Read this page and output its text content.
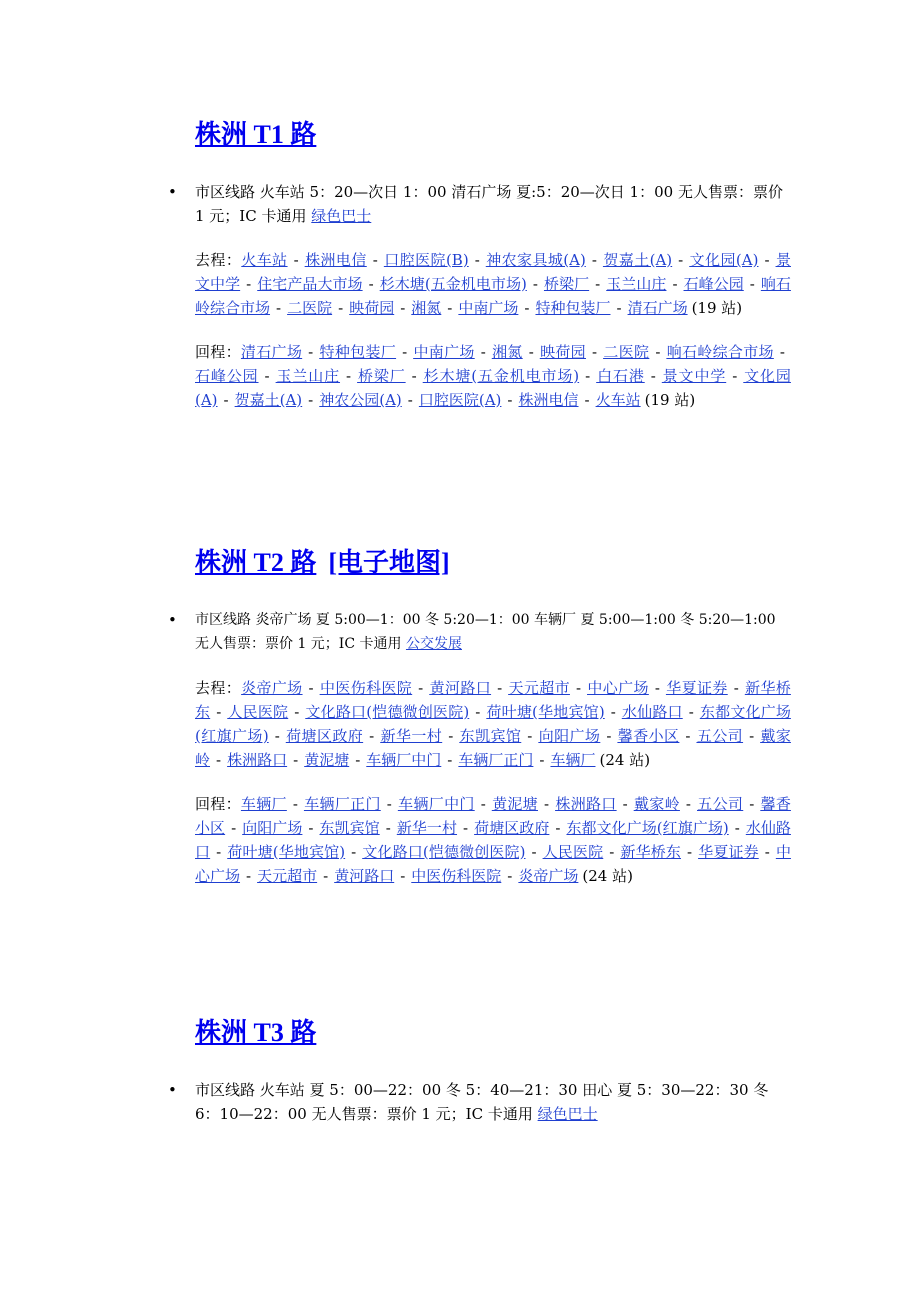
株洲 T1 路
• 市区线路 火车站 5：20—次日 1：00 清石广场 夏:5：20—次日 1：00 无人售票：票价 1 元；IC 卡通用 绿色巴士
去程：火车站 - 株洲电信 - 口腔医院(B) - 神农家具城(A) - 贺嘉土(A) - 文化园(A) - 景文中学 - 住宅产品大市场 - 杉木塘(五金机电市场) - 桥梁厂 - 玉兰山庄 - 石峰公园 - 响石岭综合市场 - 二医院 - 映荷园 - 湘氮 - 中南广场 - 特种包装厂 - 清石广场 (19 站)
回程：清石广场 - 特种包装厂 - 中南广场 - 湘氮 - 映荷园 - 二医院 - 响石岭综合市场 -石峰公园 - 玉兰山庄 - 桥梁厂 - 杉木塘(五金机电市场) - 白石港 - 景文中学 - 文化园(A) - 贺嘉土(A) - 神农公园(A) - 口腔医院(A) - 株洲电信 - 火车站 (19 站)
株洲 T2 路 [电子地图]
• 市区线路 炎帝广场 夏 5:00—1：00 冬 5:20—1：00 车辆厂 夏 5:00—1:00 冬 5:20—1:00 无人售票：票价 1 元；IC 卡通用 公交发展
去程：炎帝广场 - 中医伤科医院 - 黄河路口 - 天元超市 - 中心广场 - 华夏证券 - 新华桥东 - 人民医院 - 文化路口(恺德微创医院) - 荷叶塘(华地宾馆) - 水仙路口 - 东都文化广场(红旗广场) - 荷塘区政府 - 新华一村 - 东凯宾馆 - 向阳广场 - 馨香小区 - 五公司 - 戴家岭 - 株洲路口 - 黄泥塘 - 车辆厂中门 - 车辆厂正门 - 车辆厂 (24 站)
回程：车辆厂 - 车辆厂正门 - 车辆厂中门 - 黄泥塘 - 株洲路口 - 戴家岭 - 五公司 - 馨香小区 - 向阳广场 - 东凯宾馆 - 新华一村 - 荷塘区政府 - 东都文化广场(红旗广场) - 水仙路口 - 荷叶塘(华地宾馆) - 文化路口(恺德微创医院) - 人民医院 - 新华桥东 - 华夏证券 - 中心广场 - 天元超市 - 黄河路口 - 中医伤科医院 - 炎帝广场 (24 站)
株洲 T3 路
• 市区线路 火车站 夏 5：00—22：00 冬 5：40—21：30 田心 夏 5：30—22：30 冬 6：10—22：00 无人售票：票价 1 元；IC 卡通用 绿色巴士
